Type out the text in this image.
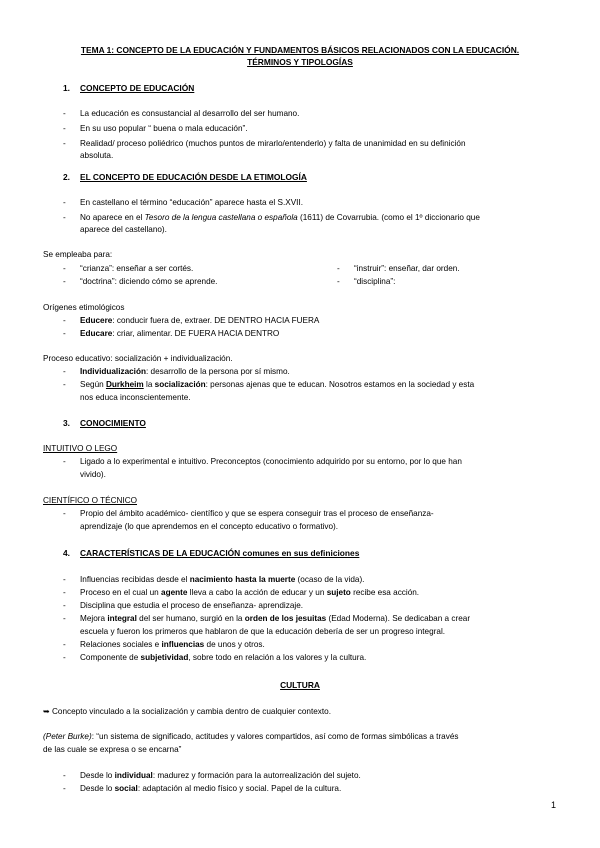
TEMA 1: CONCEPTO DE LA EDUCACIÓN Y FUNDAMENTOS BÁSICOS RELACIONADOS CON LA EDUCACIÓN.
TÉRMINOS Y TIPOLOGÍAS
1. CONCEPTO DE EDUCACIÓN
- La educación es consustancial al desarrollo del ser humano.
- En su uso popular “ buena o mala educación”.
- Realidad/ proceso poliédrico (muchos puntos de mirarlo/entenderlo) y falta de unanimidad en su definición
absoluta.
2. EL CONCEPTO DE EDUCACIÓN DESDE LA ETIMOLOGÍA
- En castellano el término “educación” aparece hasta el S.XVII.
- No aparece en el Tesoro de la lengua castellana o española (1611) de Covarrubia. (como el 1º diccionario que
aparece del castellano).
Se empleaba para:
- “crianza”: enseñar a ser cortés.
- “doctrina”: diciendo cómo se aprende.
- “instruir”: enseñar, dar orden.
- “disciplina”:
Orígenes etimológicos
- Educere: conducir fuera de, extraer. DE DENTRO HACIA FUERA
- Educare: criar, alimentar. DE FUERA HACIA DENTRO
Proceso educativo: socialización + individualización.
- Individualización: desarrollo de la persona por sí mismo.
- Según Durkheim la socialización: personas ajenas que te educan. Nosotros estamos en la sociedad y esta
nos educa inconscientemente.
3. CONOCIMIENTO
INTUITIVO O LEGO
- Ligado a lo experimental e intuitivo. Preconceptos (conocimiento adquirido por su entorno, por lo que han
vivido).
CIENTÍFICO O TÉCNICO
- Propio del ámbito académico- científico y que se espera conseguir tras el proceso de enseñanza-
aprendizaje (lo que aprendemos en el concepto educativo o formativo).
4. CARACTERÍSTICAS DE LA EDUCACIÓN comunes en sus definiciones
- Influencias recibidas desde el nacimiento hasta la muerte (ocaso de la vida).
- Proceso en el cual un agente lleva a cabo la acción de educar y un sujeto recibe esa acción.
- Disciplina que estudia el proceso de enseñanza- aprendizaje.
- Mejora integral del ser humano, surgió en la orden de los jesuitas (Edad Moderna). Se dedicaban a crear
escuela y fueron los primeros que hablaron de que la educación debería de ser un progreso integral.
- Relaciones sociales e influencias de unos y otros.
- Componente de subjetividad, sobre todo en relación a los valores y la cultura.
CULTURA
➥ Concepto vinculado a la socialización y cambia dentro de cualquier contexto.
(Peter Burke): “un sistema de significado, actitudes y valores compartidos, así como de formas simbólicas a través
de las cuale se expresa o se encarna”
- Desde lo individual: madurez y formación para la autorrealización del sujeto.
- Desde lo social: adaptación al medio físico y social. Papel de la cultura.
1
